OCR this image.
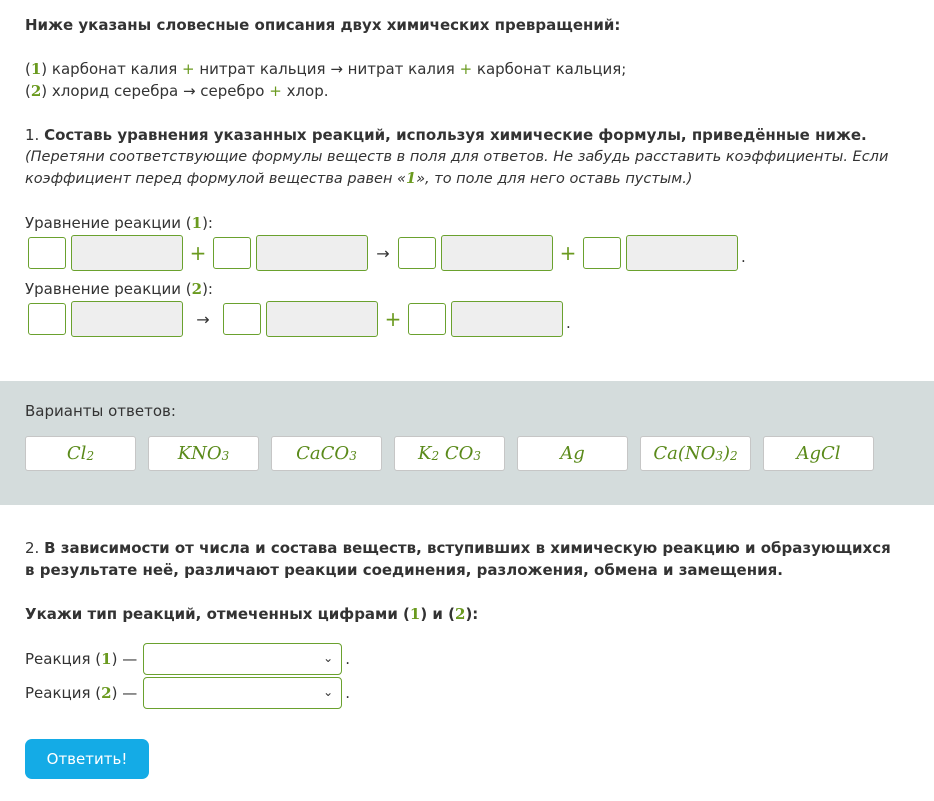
Ниже указаны словесные описания двух химических превращений:
(1) карбонат калия + нитрат кальция → нитрат калия + карбонат кальция;
(2) хлорид серебра → серебро + хлор.
1. Составь уравнения указанных реакций, используя химические формулы, приведённые ниже.
(Перетяни соответствующие формулы веществ в поля для ответов. Не забудь расставить коэффициенты. Если коэффициент перед формулой вещества равен «1», то поле для него оставь пустым.)
Уравнение реакции (1):
+	→	+	.
Уравнение реакции (2):
→	+	.
Варианты ответов:
$Cl_2$	$KNO_3$	CaCO$_3$	$K_2$ $CO_3$	Ag	$Ca(NO_3$ )$_2$	AgCl
2. В зависимости от числа и состава веществ, вступивших в химическую реакцию и образующихся в результате неё, различают реакции соединения, разложения, обмена и замещения.
Укажи тип реакций, отмеченных цифрами (1) и (2):
Реакция ( 1 ) —	⌄ .
Реакция ( 2 ) —	⌄ .
Ответить!
